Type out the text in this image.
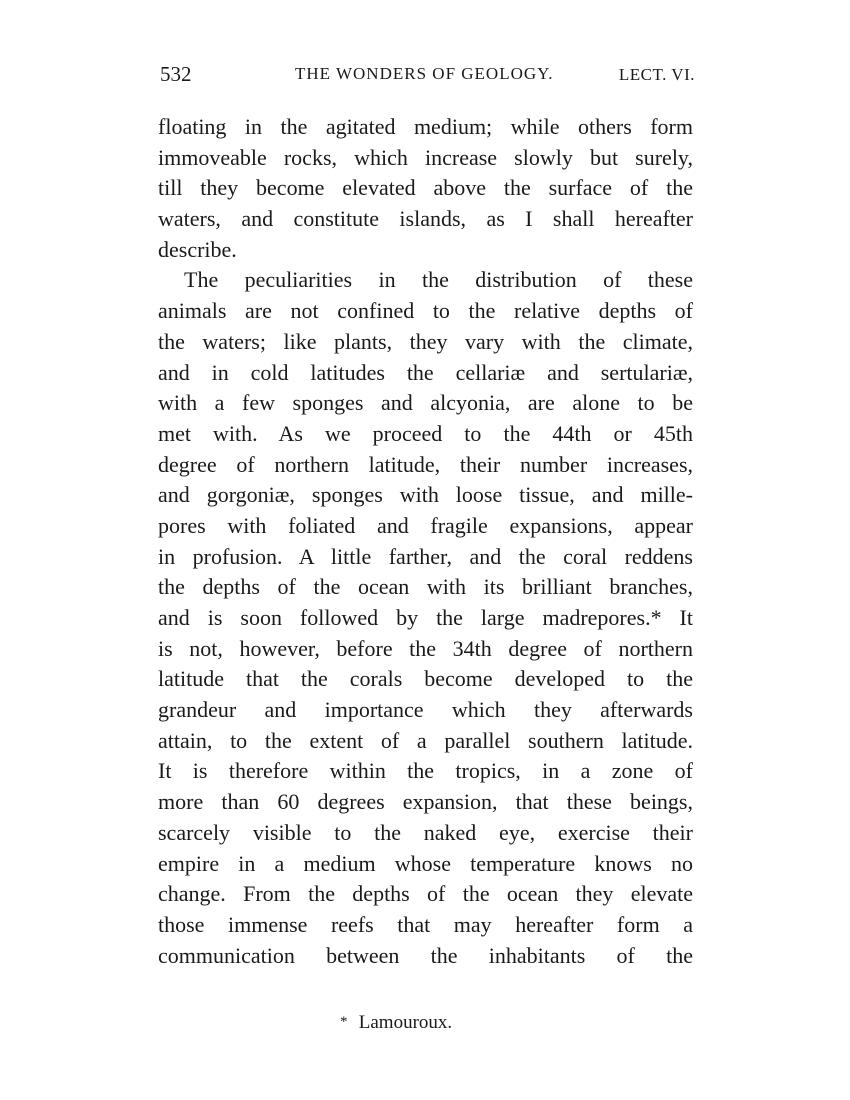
532	THE WONDERS OF GEOLOGY.	LECT. VI.
floating in the agitated medium; while others form
immoveable rocks, which increase slowly but surely,
till they become elevated above the surface of the
waters, and constitute islands, as I shall hereafter
describe.
The peculiarities in the distribution of these
animals are not confined to the relative depths of
the waters; like plants, they vary with the climate,
and in cold latitudes the cellariæ and sertulariæ,
with a few sponges and alcyonia, are alone to be
met with. As we proceed to the 44th or 45th
degree of northern latitude, their number increases,
and gorgoniæ, sponges with loose tissue, and mille-
pores with foliated and fragile expansions, appear
in profusion. A little farther, and the coral reddens
the depths of the ocean with its brilliant branches,
and is soon followed by the large madrepores.* It
is not, however, before the 34th degree of northern
latitude that the corals become developed to the
grandeur and importance which they afterwards
attain, to the extent of a parallel southern latitude.
It is therefore within the tropics, in a zone of
more than 60 degrees expansion, that these beings,
scarcely visible to the naked eye, exercise their
empire in a medium whose temperature knows no
change. From the depths of the ocean they elevate
those immense reefs that may hereafter form a
communication between the inhabitants of the
* Lamouroux.
